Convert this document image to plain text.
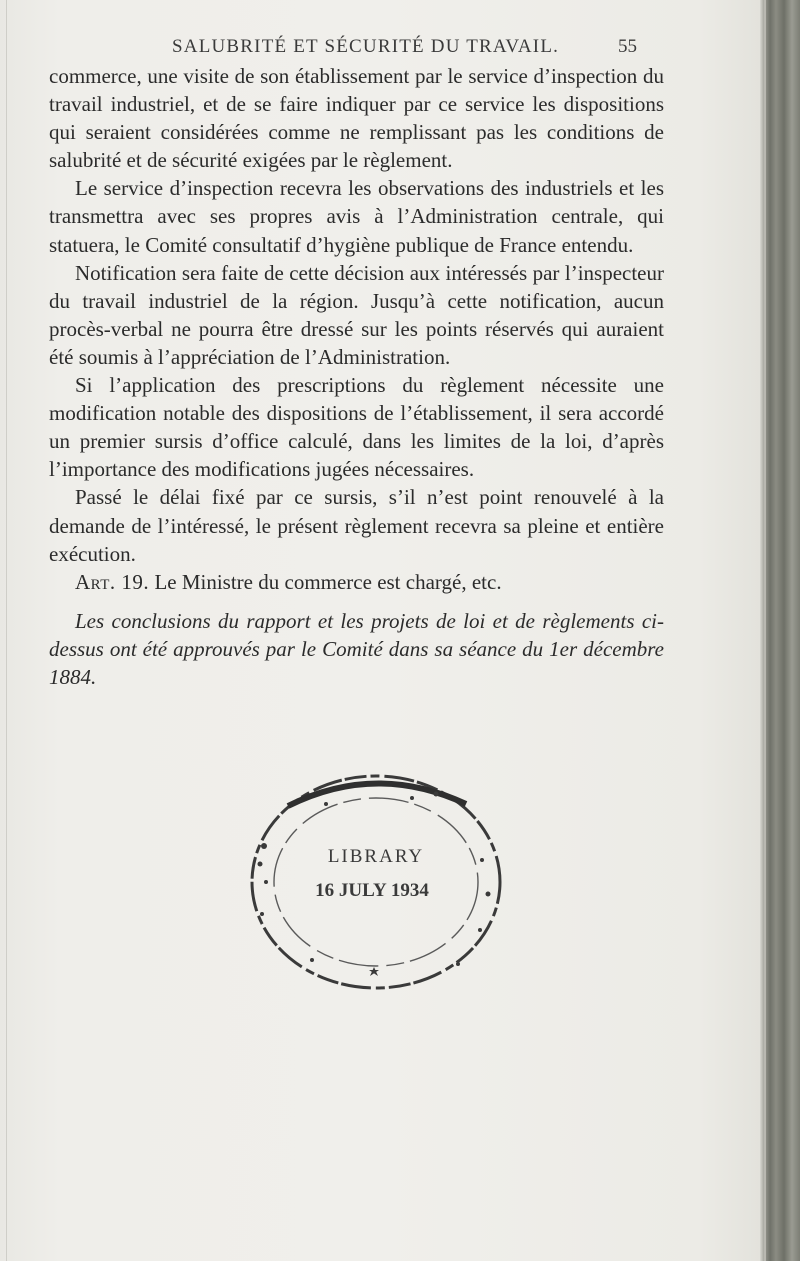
SALUBRITÉ ET SÉCURITÉ DU TRAVAIL.	55

commerce, une visite de son établissement par le service d’inspection du travail industriel, et de se faire indiquer par ce service les dispositions qui seraient considérées comme ne remplissant pas les conditions de salubrité et de sécurité exigées par le règlement.

Le service d’inspection recevra les observations des industriels et les transmettra avec ses propres avis à l’Administration centrale, qui statuera, le Comité consultatif d’hygiène publique de France entendu.

Notification sera faite de cette décision aux intéressés par l’inspecteur du travail industriel de la région. Jusqu’à cette notification, aucun procès-verbal ne pourra être dressé sur les points réservés qui auraient été soumis à l’appréciation de l’Administration.

Si l’application des prescriptions du règlement nécessite une modification notable des dispositions de l’établissement, il sera accordé un premier sursis d’office calculé, dans les limites de la loi, d’après l’importance des modifications jugées nécessaires.

Passé le délai fixé par ce sursis, s’il n’est point renouvelé à la demande de l’intéressé, le présent règlement recevra sa pleine et entière exécution.

Art. 19. Le Ministre du commerce est chargé, etc.

Les conclusions du rapport et les projets de loi et de règlements ci-dessus ont été approuvés par le Comité dans sa séance du 1er décembre 1884.

LIBRARY
16 JULY 1934
